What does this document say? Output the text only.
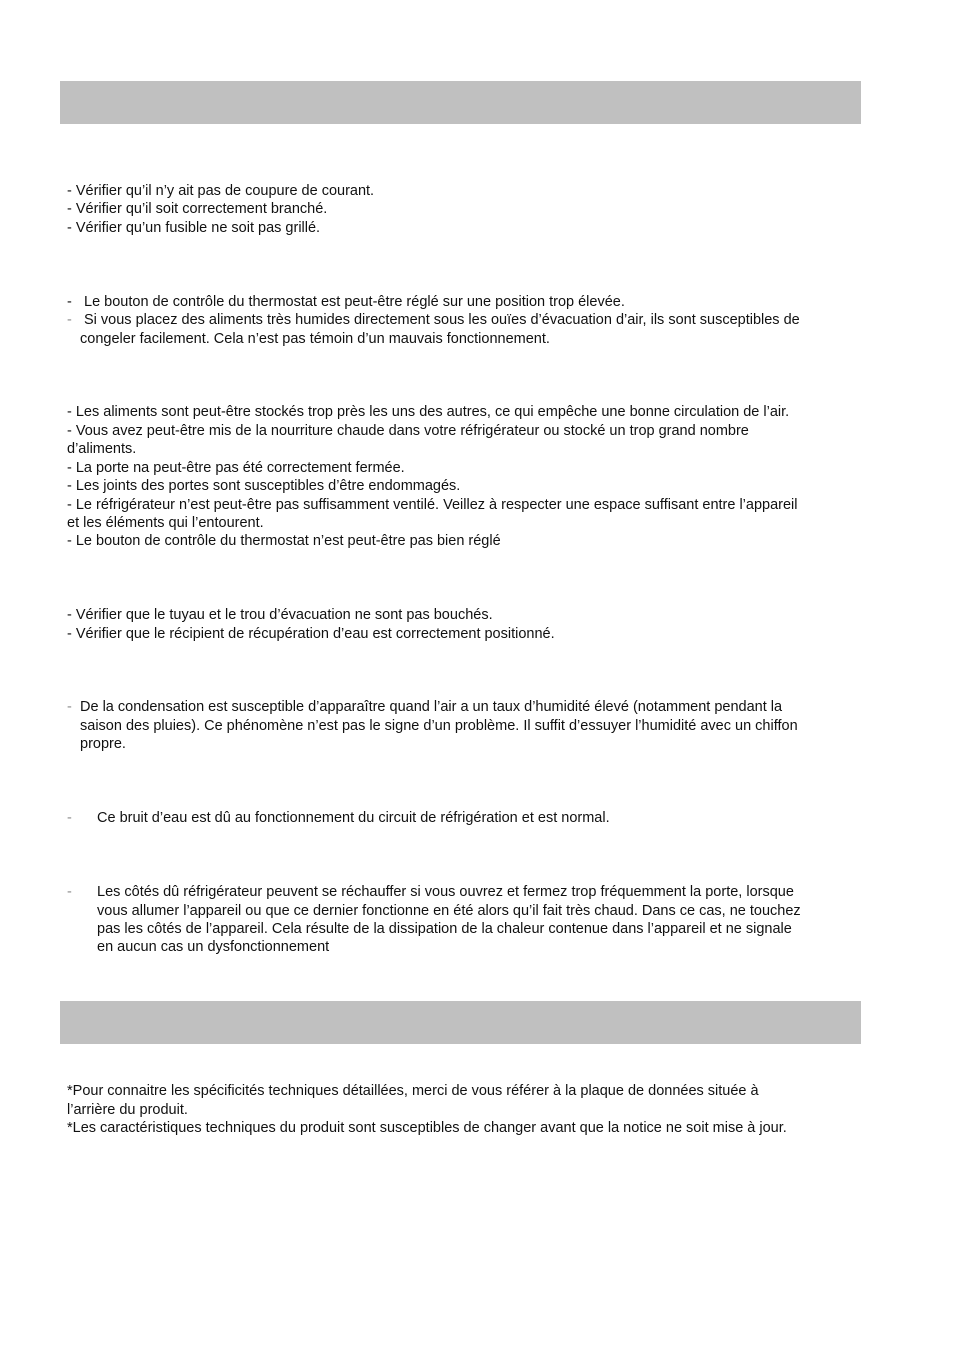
- Vérifier qu’il n’y ait pas de coupure de courant.
- Vérifier qu’il soit correctement branché.
- Vérifier qu’un fusible ne soit pas grillé.
- Le bouton de contrôle du thermostat est peut-être réglé sur une position trop élevée.
- Si vous placez des aliments très humides directement sous les ouïes d’évacuation d’air, ils sont susceptibles de
congeler facilement. Cela n’est pas témoin d’un mauvais fonctionnement.
- Les aliments sont peut-être stockés trop près les uns des autres, ce qui empêche une bonne circulation de l’air.
- Vous avez peut-être mis de la nourriture chaude dans votre réfrigérateur ou stocké un trop grand nombre
d’aliments.
- La porte na peut-être pas été correctement fermée.
- Les joints des portes sont susceptibles d’être endommagés.
- Le réfrigérateur n’est peut-être pas suffisamment ventilé. Veillez à respecter une espace suffisant entre l’appareil
et les éléments qui l’entourent.
- Le bouton de contrôle du thermostat n’est peut-être pas bien réglé
- Vérifier que le tuyau et le trou d’évacuation ne sont pas bouchés.
- Vérifier que le récipient de récupération d’eau est correctement positionné.
- De la condensation est susceptible d’apparaître quand l’air a un taux d’humidité élevé (notamment pendant la
saison des pluies). Ce phénomène n’est pas le signe d’un problème. Il suffit d’essuyer l’humidité avec un chiffon
propre.
- Ce bruit d’eau est dû au fonctionnement du circuit de réfrigération et est normal.
- Les côtés dû réfrigérateur peuvent se réchauffer si vous ouvrez et fermez trop fréquemment la porte, lorsque
vous allumer l’appareil ou que ce dernier fonctionne en été alors qu’il fait très chaud. Dans ce cas, ne touchez
pas les côtés de l’appareil. Cela résulte de la dissipation de la chaleur contenue dans l’appareil et ne signale
en aucun cas un dysfonctionnement
*Pour connaitre les spécificités techniques détaillées, merci de vous référer à la plaque de données située à
l’arrière du produit.
*Les caractéristiques techniques du produit sont susceptibles de changer avant que la notice ne soit mise à jour.
